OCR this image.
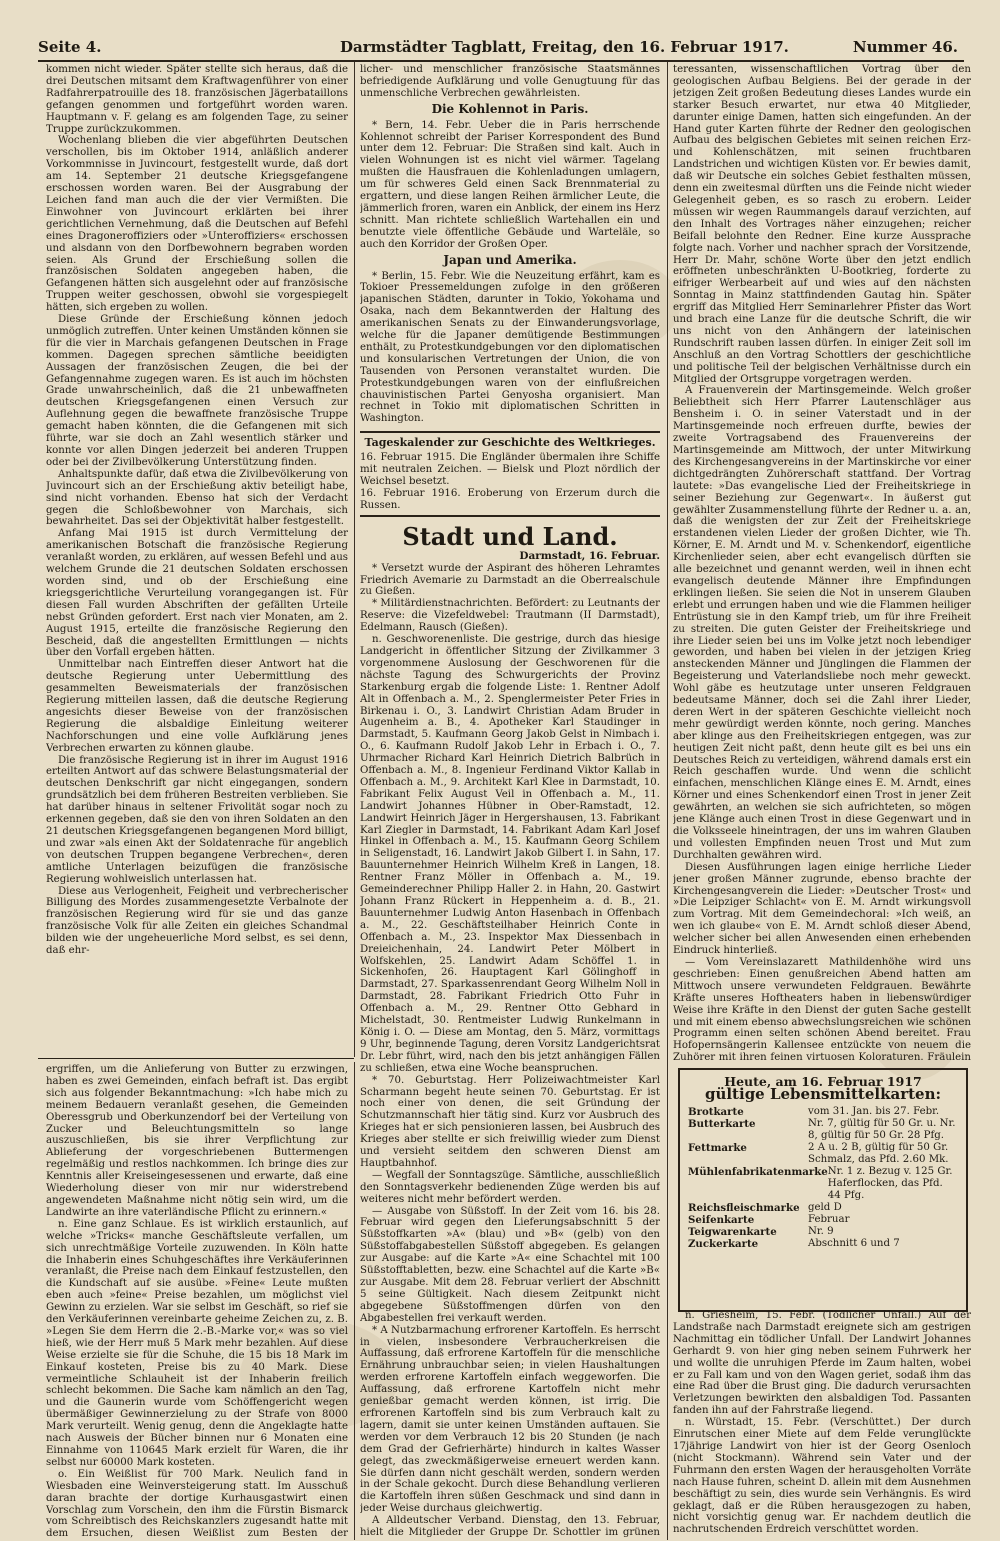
Seite 4.	Darmstädter Tagblatt, Freitag, den 16. Februar 1917.	Nummer 46.

kommen nicht wieder. Später stellte sich heraus, daß die drei Deutschen mitsamt dem Kraftwagenführer von einer Radfahrerpatrouille des 18. französischen Jägerbataillons gefangen genommen und fortgeführt worden waren. Hauptmann v. F. gelang es am folgenden Tage, zu seiner Truppe zurückzukommen.

Wochenlang blieben die vier abgeführten Deutschen verschollen, bis im Oktober 1914, anläßlich anderer Vorkommnisse in Juvincourt, festgestellt wurde, daß dort am 14. September 21 deutsche Kriegsgefangene erschossen worden waren. Bei der Ausgrabung der Leichen fand man auch die der vier Vermißten. Die Einwohner von Juvincourt erklärten bei ihrer gerichtlichen Vernehmung, daß die Deutschen auf Befehl eines Dragoneroffiziers oder »Unteroffiziers« erschossen und alsdann von den Dorfbewohnern begraben worden seien. Als Grund der Erschießung sollen die französischen Soldaten angegeben haben, die Gefangenen hätten sich ausgelehnt oder auf französische Truppen weiter geschossen, obwohl sie vorgespiegelt hätten, sich ergeben zu wollen.

Diese Gründe der Erschießung können jedoch unmöglich zutreffen. Unter keinen Umständen können sie für die vier in Marchais gefangenen Deutschen in Frage kommen. Dagegen sprechen sämtliche beeidigten Aussagen der französischen Zeugen, die bei der Gefangennahme zugegen waren. Es ist auch im höchsten Grade unwahrscheinlich, daß die 21 unbewaffneten deutschen Kriegsgefangenen einen Versuch zur Auflehnung gegen die bewaffnete französische Truppe gemacht haben könnten, die die Gefangenen mit sich führte, war sie doch an Zahl wesentlich stärker und konnte vor allen Dingen jederzeit bei anderen Truppen oder bei der Zivilbevölkerung Unterstützung finden.

Anhaltspunkte dafür, daß etwa die Zivilbevölkerung von Juvincourt sich an der Erschießung aktiv beteiligt habe, sind nicht vorhanden. Ebenso hat sich der Verdacht gegen die Schloßbewohner von Marchais, sich bewahrheitet. Das sei der Objektivität halber festgestellt.

Anfang Mai 1915 ist durch Vermittelung der amerikanischen Botschaft die französische Regierung veranlaßt worden, zu erklären, auf wessen Befehl und aus welchem Grunde die 21 deutschen Soldaten erschossen worden sind, und ob der Erschießung eine kriegsgerichtliche Verurteilung vorangegangen ist. Für diesen Fall wurden Abschriften der gefällten Urteile nebst Gründen gefordert. Erst nach vier Monaten, am 2. August 1915, erteilte die französische Regierung den Bescheid, daß die angestellten Ermittlungen — nichts über den Vorfall ergeben hätten.

Unmittelbar nach Eintreffen dieser Antwort hat die deutsche Regierung unter Uebermittlung des gesammelten Beweismaterials der französischen Regierung mitteilen lassen, daß die deutsche Regierung angesichts dieser Beweise von der französischen Regierung die alsbaldige Einleitung weiterer Nachforschungen und eine volle Aufklärung jenes Verbrechen erwarten zu können glaube.

Die französische Regierung ist in ihrer im August 1916 erteilten Antwort auf das schwere Belastungsmaterial der deutschen Denkschrift gar nicht eingegangen, sondern grundsätzlich bei dem früheren Bestreiten verblieben. Sie hat darüber hinaus in seltener Frivolität sogar noch zu erkennen gegeben, daß sie den von ihren Soldaten an den 21 deutschen Kriegsgefangenen begangenen Mord billigt, und zwar »als einen Akt der Soldatenrache für angeblich von deutschen Truppen begangene Verbrechen«, deren amtliche Unterlagen beizufügen die französische Regierung wohlweislich unterlassen hat.

Diese aus Verlogenheit, Feigheit und verbrecherischer Billigung des Mordes zusammengesetzte Verbalnote der französischen Regierung wird für sie und das ganze französische Volk für alle Zeiten ein gleiches Schandmal bilden wie der ungeheuerliche Mord selbst, es sei denn, daß ehr-

ergriffen, um die Anlieferung von Butter zu erzwingen, haben es zwei Gemeinden, einfach befraft ist. Das ergibt sich aus folgender Bekanntmachung: »Ich habe mich zu meinem Bedauern veranlaßt gesehen, die Gemeinden Oberessgrub und Oberkunzendorf bei der Verteilung von Zucker und Beleuchtungsmitteln so lange auszuschließen, bis sie ihrer Verpflichtung zur Ablieferung der vorgeschriebenen Buttermengen regelmäßig und restlos nachkommen. Ich bringe dies zur Kenntnis aller Kreiseingesessenen und erwarte, daß eine Wiederholung dieser von mir nur widerstrebend angewendeten Maßnahme nicht nötig sein wird, um die Landwirte an ihre vaterländische Pflicht zu erinnern.«

n. Eine ganz Schlaue. Es ist wirklich erstaunlich, auf welche »Tricks« manche Geschäftsleute verfallen, um sich unrechtmäßige Vorteile zuzuwenden. In Köln hatte die Inhaberin eines Schuhgeschäftes ihre Verkäuferinnen veranlaßt, die Preise nach dem Einkauf festzustellen, den die Kundschaft auf sie ausübe. »Feine« Leute mußten eben auch »feine« Preise bezahlen, um möglichst viel Gewinn zu erzielen. War sie selbst im Geschäft, so rief sie den Verkäuferinnen vereinbarte geheime Zeichen zu, z. B. »Legen Sie dem Herrn die 2.-B.-Marke vor,« was so viel hieß, wie der Herr muß 5 Mark mehr bezahlen. Auf diese Weise erzielte sie für die Schuhe, die 15 bis 18 Mark im Einkauf kosteten, Preise bis zu 40 Mark. Diese vermeintliche Schlauheit ist der Inhaberin freilich schlecht bekommen. Die Sache kam nämlich an den Tag, und die Gaunerin wurde vom Schöffengericht wegen übermäßiger Gewinnerzielung zu der Strafe von 8000 Mark verurteilt. Wenig genug, denn die Angeklagte hatte nach Ausweis der Bücher binnen nur 6 Monaten eine Einnahme von 110645 Mark erzielt für Waren, die ihr selbst nur 60000 Mark kosteten.

o. Ein Weißlist für 700 Mark. Neulich fand in Wiesbaden eine Weinversteigerung statt. Im Ausschuß daran brachte der dortige Kurhausgastwirt einen Vorschlag zum Vorschein, den ihm die Fürstin Bismarck vom Schreibtisch des Reichskanzlers zugesandt hatte mit dem Ersuchen, diesen Weißlist zum Besten der

licher- und menschlicher französische Staatsmännes befriedigende Aufklärung und volle Genugtuung für das unmenschliche Verbrechen gewährleisten.

Die Kohlennot in Paris.

* Bern, 14. Febr. Ueber die in Paris herrschende Kohlennot schreibt der Pariser Korrespondent des Bund unter dem 12. Februar: Die Straßen sind kalt. Auch in vielen Wohnungen ist es nicht viel wärmer. Tagelang mußten die Hausfrauen die Kohlenladungen umlagern, um für schweres Geld einen Sack Brennmaterial zu ergattern, und diese langen Reihen ärmlicher Leute, die jämmerlich froren, waren ein Anblick, der einem ins Herz schnitt. Man richtete schließlich Wartehallen ein und benutzte viele öffentliche Gebäude und Warteläle, so auch den Korridor der Großen Oper.

Japan und Amerika.

* Berlin, 15. Febr. Wie die Neuzeitung erfährt, kam es Tokioer Pressemeldungen zufolge in den größeren japanischen Städten, darunter in Tokio, Yokohama und Osaka, nach dem Bekanntwerden der Haltung des amerikanischen Senats zu der Einwanderungsvorlage, welche für die Japaner demütigende Bestimmungen enthält, zu Protestkundgebungen vor den diplomatischen und konsularischen Vertretungen der Union, die von Tausenden von Personen veranstaltet wurden. Die Protestkundgebungen waren von der einflußreichen chauvinistischen Partei Genyosha organisiert. Man rechnet in Tokio mit diplomatischen Schritten in Washington.

Tageskalender zur Geschichte des Weltkrieges.

16. Februar 1915. Die Engländer übermalen ihre Schiffe mit neutralen Zeichen. — Bielsk und Plozt nördlich der Weichsel besetzt.

16. Februar 1916. Eroberung von Erzerum durch die Russen.

Stadt und Land.
Darmstadt, 16. Februar.

* Versetzt wurde der Aspirant des höheren Lehramtes Friedrich Avemarie zu Darmstadt an die Oberrealschule zu Gießen.

* Militärdienstnachrichten. Befördert: zu Leutnants der Reserve: die Vizefeldwebel: Trautmann (II Darmstadt), Edelmann, Rausch (Gießen).

n. Geschworenenliste. Die gestrige, durch das hiesige Landgericht in öffentlicher Sitzung der Zivilkammer 3 vorgenommene Auslosung der Geschworenen für die nächste Tagung des Schwurgerichts der Provinz Starkenburg ergab die folgende Liste: 1. Rentner Adolf Alt in Offenbach a. M., 2. Spenglermeister Peter Fries in Birkenau i. O., 3. Landwirt Christian Adam Bruder in Augenheim a. B., 4. Apotheker Karl Staudinger in Darmstadt, 5. Kaufmann Georg Jakob Gelst in Nimbach i. O., 6. Kaufmann Rudolf Jakob Lehr in Erbach i. O., 7. Uhrmacher Richard Karl Heinrich Dietrich Balbrüch in Offenbach a. M., 8. Ingenieur Ferdinand Viktor Kallab in Offenbach a. M., 9. Architekt Karl Klee in Darmstadt, 10. Fabrikant Felix August Veil in Offenbach a. M., 11. Landwirt Johannes Hübner in Ober-Ramstadt, 12. Landwirt Heinrich Jäger in Hergershausen, 13. Fabrikant Karl Ziegler in Darmstadt, 14. Fabrikant Adam Karl Josef Hinkel in Offenbach a. M., 15. Kaufmann Georg Schilem in Seligenstadt, 16. Landwirt Jakob Gilbert I. in Sahn, 17. Bauunternehmer Heinrich Wilhelm Kreß in Langen, 18. Rentner Franz Möller in Offenbach a. M., 19. Gemeinderechner Philipp Haller 2. in Hahn, 20. Gastwirt Johann Franz Rückert in Heppenheim a. d. B., 21. Bauunternehmer Ludwig Anton Hasenbach in Offenbach a. M., 22. Geschäftsteilhaber Heinrich Conte in Offenbach a. M., 23. Inspektor Max Diessenbach in Dreieichenhain, 24. Landwirt Peter Mölbert in Wolfskehlen, 25. Landwirt Adam Schöffel 1. in Sickenhofen, 26. Hauptagent Karl Gölinghoff in Darmstadt, 27. Sparkassenrendant Georg Wilhelm Noll in Darmstadt, 28. Fabrikant Friedrich Otto Fuhr in Offenbach a. M., 29. Rentner Otto Gebhard in Michelstadt, 30. Rentmeister Ludwig Runkelmann in König i. O. — Diese am Montag, den 5. März, vormittags 9 Uhr, beginnende Tagung, deren Vorsitz Landgerichtsrat Dr. Lebr führt, wird, nach den bis jetzt anhängigen Fällen zu schließen, etwa eine Woche beanspruchen.

* 70. Geburtstag. Herr Polizeiwachtmeister Karl Scharmann begeht heute seinen 70. Geburtstag. Er ist noch einer von denen, die seit Gründung der Schutzmannschaft hier tätig sind. Kurz vor Ausbruch des Krieges hat er sich pensionieren lassen, bei Ausbruch des Krieges aber stellte er sich freiwillig wieder zum Dienst und versieht seitdem den schweren Dienst am Hauptbahnhof.

— Wegfall der Sonntagszüge. Sämtliche, ausschließlich den Sonntagsverkehr bedienenden Züge werden bis auf weiteres nicht mehr befördert werden.

— Ausgabe von Süßstoff. In der Zeit vom 16. bis 28. Februar wird gegen den Lieferungsabschnitt 5 der Süßstoffkarten »A« (blau) und »B« (gelb) von den Süßstoffabgabestellen Süßstoff abgegeben. Es gelangen zur Ausgabe: auf die Karte »A« eine Schachtel mit 100 Süßstofftabletten, bezw. eine Schachtel auf die Karte »B« zur Ausgabe. Mit dem 28. Februar verliert der Abschnitt 5 seine Gültigkeit. Nach diesem Zeitpunkt nicht abgegebene Süßstoffmengen dürfen von den Abgabestellen frei verkauft werden.

* A Nutzbarmachung erfrorener Kartoffeln. Es herrscht in vielen, insbesondere Verbraucherkreisen die Auffassung, daß erfrorene Kartoffeln für die menschliche Ernährung unbrauchbar seien; in vielen Haushaltungen werden erfrorene Kartoffeln einfach weggeworfen. Die Auffassung, daß erfrorene Kartoffeln nicht mehr genießbar gemacht werden können, ist irrig. Die erfrorenen Kartoffeln sind bis zum Verbrauch kalt zu lagern, damit sie unter keinen Umständen auftauen. Sie werden vor dem Verbrauch 12 bis 20 Stunden (je nach dem Grad der Gefrierhärte) hindurch in kaltes Wasser gelegt, das zweckmäßigerweise erneuert werden kann. Sie dürfen dann nicht geschält werden, sondern werden in der Schale gekocht. Durch diese Behandlung verlieren die Kartoffeln ihren süßen Geschmack und sind dann in jeder Weise durchaus gleichwertig.

A Alldeutscher Verband. Dienstag, den 13. Februar, hielt die Mitglieder der Gruppe Dr. Schottler im grünen

teressanten, wissenschaftlichen Vortrag über den geologischen Aufbau Belgiens. Bei der gerade in der jetzigen Zeit großen Bedeutung dieses Landes wurde ein starker Besuch erwartet, nur etwa 40 Mitglieder, darunter einige Damen, hatten sich eingefunden. An der Hand guter Karten führte der Redner den geologischen Aufbau des belgischen Gebietes mit seinen reichen Erz- und Kohlenschätzen, mit seinen fruchtbaren Landstrichen und wichtigen Küsten vor. Er bewies damit, daß wir Deutsche ein solches Gebiet festhalten müssen, denn ein zweitesmal dürften uns die Feinde nicht wieder Gelegenheit geben, es so rasch zu erobern. Leider müssen wir wegen Raummangels darauf verzichten, auf den Inhalt des Vortrages näher einzugehen; reicher Beifall belohnte den Redner. Eine kurze Aussprache folgte nach. Vorher und nachher sprach der Vorsitzende, Herr Dr. Mahr, schöne Worte über den jetzt endlich eröffneten unbeschränkten U-Bootkrieg, forderte zu eifriger Werbearbeit auf und wies auf den nächsten Sonntag in Mainz stattfindenden Gautag hin. Später ergriff das Mitglied Herr Seminarlehrer Pfister das Wort und brach eine Lanze für die deutsche Schrift, die wir uns nicht von den Anhängern der lateinischen Rundschrift rauben lassen dürfen. In einiger Zeit soll im Anschluß an den Vortrag Schottlers der geschichtliche und politische Teil der belgischen Verhältnisse durch ein Mitglied der Ortsgruppe vorgetragen werden.

A Frauenverein der Martinsgemeinde. Welch großer Beliebtheit sich Herr Pfarrer Lautenschläger aus Bensheim i. O. in seiner Vaterstadt und in der Martinsgemeinde noch erfreuen durfte, bewies der zweite Vortragsabend des Frauenvereins der Martinsgemeinde am Mittwoch, der unter Mitwirkung des Kirchengesangvereins in der Martinskirche vor einer dichtgedrängten Zuhörerschaft stattfand. Der Vortrag lautete: »Das evangelische Lied der Freiheitskriege in seiner Beziehung zur Gegenwart«. In äußerst gut gewählter Zusammenstellung führte der Redner u. a. an, daß die wenigsten der zur Zeit der Freiheitskriege erstandenen vielen Lieder der großen Dichter, wie Th. Körner, E. M. Arndt und M. v. Schenkendorf, eigentliche Kirchenlieder seien, aber echt evangelisch dürften sie alle bezeichnet und genannt werden, weil in ihnen echt evangelisch deutende Männer ihre Empfindungen erklingen ließen. Sie seien die Not in unserem Glauben erlebt und errungen haben und wie die Flammen heiliger Entrüstung sie in den Kampf trieb, um für ihre Freiheit zu streiten. Die guten Geister der Freiheitskriege und ihre Lieder seien bei uns im Volke jetzt noch lebendiger geworden, und haben bei vielen in der jetzigen Krieg ansteckenden Männer und Jünglingen die Flammen der Begeisterung und Vaterlandsliebe noch mehr geweckt. Wohl gäbe es heutzutage unter unseren Feldgrauen bedeutsame Männer, doch sei die Zahl ihrer Lieder, deren Wert in der späteren Geschichte vielleicht noch mehr gewürdigt werden könnte, noch gering. Manches aber klinge aus den Freiheitskriegen entgegen, was zur heutigen Zeit nicht paßt, denn heute gilt es bei uns ein Deutsches Reich zu verteidigen, während damals erst ein Reich geschaffen wurde. Und wenn die schlicht einfachen, menschlichen Klänge eines E. M. Arndt, eines Körner und eines Schenkendorf einen Trost in jener Zeit gewährten, an welchen sie sich aufrichteten, so mögen jene Klänge auch einen Trost in diese Gegenwart und in die Volksseele hineintragen, der uns im wahren Glauben und vollesten Empfinden neuen Trost und Mut zum Durchhalten gewähren wird.

Diesen Ausführungen lagen einige herrliche Lieder jener großen Männer zugrunde, ebenso brachte der Kirchengesangverein die Lieder: »Deutscher Trost« und »Die Leipziger Schlacht« von E. M. Arndt wirkungsvoll zum Vortrag. Mit dem Gemeindechoral: »Ich weiß, an wen ich glaube« von E. M. Arndt schloß dieser Abend, welcher sicher bei allen Anwesenden einen erhebenden Eindruck hinterließ.

— Vom Vereinslazarett Mathildenhöhe wird uns geschrieben: Einen genußreichen Abend hatten am Mittwoch unsere verwundeten Feldgrauen. Bewährte Kräfte unseres Hoftheaters haben in liebenswürdiger Weise ihre Kräfte in den Dienst der guten Sache gestellt und mit einem ebenso abwechslungsreichen wie schönen Programm einen selten schönen Abend bereitet. Frau Hofopernsängerin Kallensee entzückte von neuem die Zuhörer mit ihren feinen virtuosen Koloraturen. Fräulein

Heute, am 16. Februar 1917
gültige Lebensmittelkarten:
Brotkarte	vom 31. Jan. bis 27. Febr.
Butterkarte	Nr. 7, gültig für 50 Gr. u. Nr. 8, gültig für 50 Gr. 28 Pfg.
Fettmarke	2 A u. 2 B, gültig für 50 Gr. Schmalz, das Pfd. 2.60 Mk.
Mühlenfabrikatenmarke Nr. 1 z. Bezug v. 125 Gr. Haferflocken, das Pfd. 44 Pfg.
Reichsfleischmarke geld D
Seifenkarte	Februar
Teigwarenkarte	Nr. 9
Zuckerkarte	Abschnitt 6 und 7

n. Griesheim, 15. Febr. (Tödlicher Unfall.) Auf der Landstraße nach Darmstadt ereignete sich am gestrigen Nachmittag ein tödlicher Unfall. Der Landwirt Johannes Gerhardt 9. von hier ging neben seinem Fuhrwerk her und wollte die unruhigen Pferde im Zaum halten, wobei er zu Fall kam und von den Wagen geriet, sodaß ihm das eine Rad über die Brust ging. Die dadurch verursachten Verletzungen bewirkten den alsbaldigen Tod. Passanten fanden ihn auf der Fahrstraße liegend.

n. Würstadt, 15. Febr. (Verschüttet.) Der durch Einrutschen einer Miete auf dem Felde verunglückte 17jährige Landwirt von hier ist der Georg Osenloch (nicht Stockmann). Während sein Vater und der Fuhrmann den ersten Wagen der herausgeholten Vorräte nach Hause fuhren, scheint D. allein mit dem Ausnehmen beschäftigt zu sein, dies wurde sein Verhängnis. Es wird geklagt, daß er die Rüben herausgezogen zu haben, nicht vorsichtig genug war. Er nachdem deutlich die nachrutschenden Erdreich verschüttet worden.
